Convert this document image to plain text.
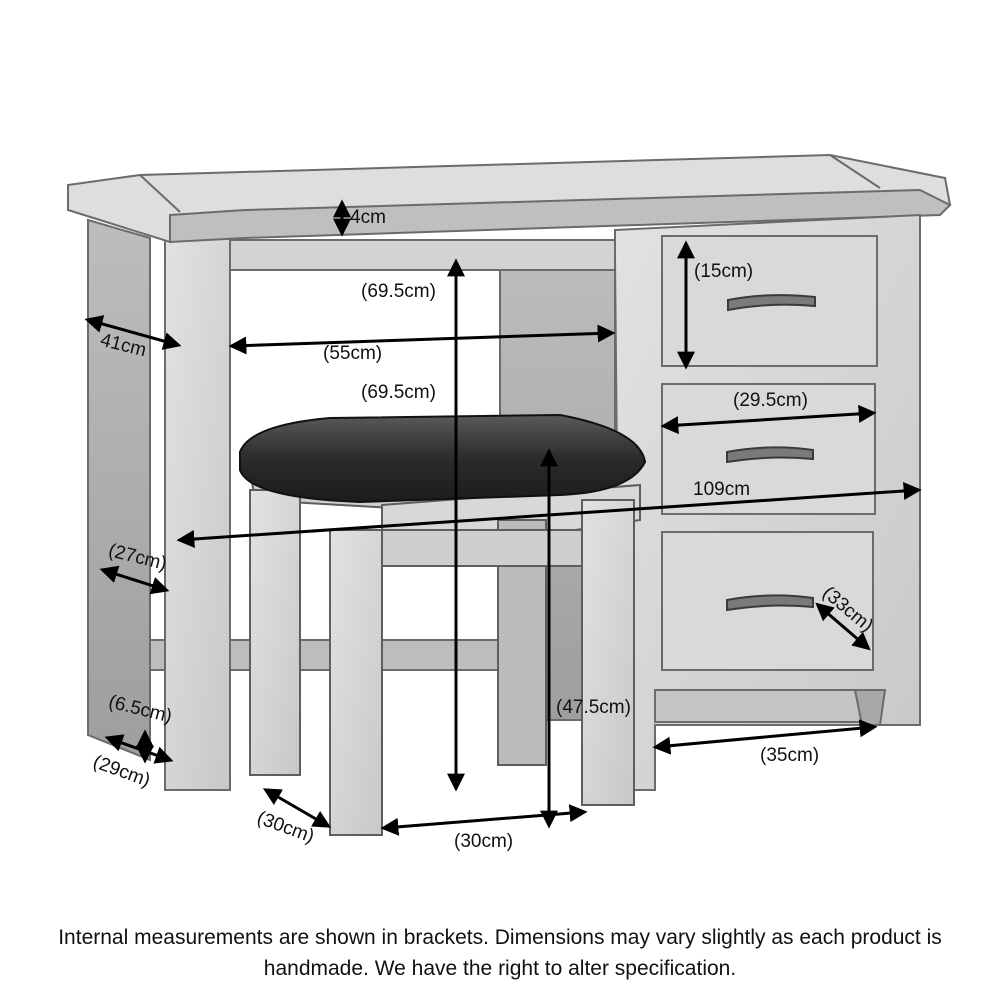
4cm
(69.5cm)
(55cm)
41cm
(69.5cm)
(15cm)
(29.5cm)
109cm
(27cm)
(33cm)
(47.5cm)
(6.5cm)
(29cm)
(30cm)	(30cm)
(35cm)
Internal measurements are shown in brackets. Dimensions may vary slightly as each product is handmade. We have the right to alter specification.
